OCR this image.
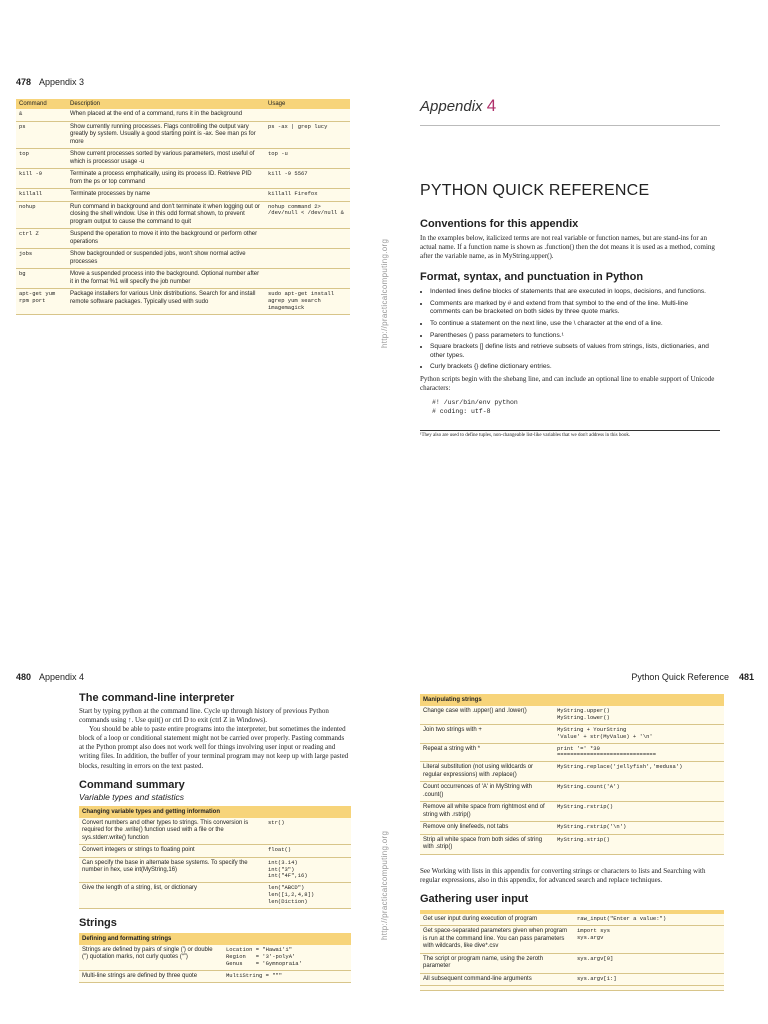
478 Appendix 3
Command	Description	Usage
&	When placed at the end of a command, runs it in the background	
ps	Show currently running processes. Flags controlling the output vary greatly by system. Usually a good starting point is -ax. See man ps for more	ps -ax | grep lucy
top	Show current processes sorted by various parameters, most useful of which is processor usage -u	top -u
kill -9	Terminate a process emphatically, using its process ID. Retrieve PID from the ps or top command	kill -9 5567
killall	Terminate processes by name	killall Firefox
nohup	Run command in background and don't terminate it when logging out or closing the shell window. Use in this odd format shown, to prevent program output to cause the command to quit	nohup command 2> /dev/null < /dev/null &
ctrl Z	Suspend the operation to move it into the background or perform other operations	
jobs	Show backgrounded or suspended jobs, won't show normal active processes	
bg	Move a suspended process into the background. Optional number after it in the format %1 will specify the job number	
apt-get yum rpm port	Package installers for various Unix distributions. Search for and install remote software packages. Typically used with sudo	sudo apt-get install agrep yum search imagemagick	http://practicalcomputing.org
Appendix 4
PYTHON QUICK REFERENCE
Conventions for this appendix
In the examples below, italicized terms are not real variable or function names, but are stand-ins for an actual name. If a function name is shown as .function() then the dot means it is used as a method, coming after the variable name, as in MyString.upper().
Format, syntax, and punctuation in Python
• Indented lines define blocks of statements that are executed in loops, decisions, and functions.
• Comments are marked by # and extend from that symbol to the end of the line. Multi-line comments can be bracketed on both sides by three quote marks.
• To continue a statement on the next line, use the \ character at the end of a line.
• Parentheses () pass parameters to functions.¹
• Square brackets [] define lists and retrieve subsets of values from strings, lists, dictionaries, and other types.
• Curly brackets {} define dictionary entries.
Python scripts begin with the shebang line, and can include an optional line to enable support of Unicode characters:
#! /usr/bin/env python
# coding: utf-8
¹They also are used to define tuples, non-changeable list-like variables that we don't address in this book.
480 Appendix 4
http://practicalcomputing.org
The command-line interpreter
Start by typing python at the command line. Cycle up through history of previous Python commands using ↑. Use quit() or ctrl D to exit (ctrl Z in Windows).
You should be able to paste entire programs into the interpreter, but sometimes the indented block of a loop or conditional statement might not be carried over properly. Pasting commands at the Python prompt also does not work well for things involving user input or reading and writing files. In addition, the buffer of your terminal program may not keep up with large pasted blocks, resulting in errors on the text pasted.
Command summary
Variable types and statistics
Changing variable types and getting information
Convert numbers and other types to strings. This conversion is required for the .write() function used with a file or the sys.stderr.write() function	str()
Convert integers or strings to floating point	float()
Can specify the base in alternate base systems. To specify the number in hex, use int(MyString,16)	int(3.14)
int("3")
int("4F",16)
Give the length of a string, list, or dictionary	len("ABCD")
len([1,2,4,8])
len(Diction)
Strings
Defining and formatting strings
Strings are defined by pairs of single (') or double (") quotation marks, not curly quotes (“”)	Location = "Hawai'i"
Region   = '3'-polyA'
Genus    = 'Gymnopraia'
Multi-line strings are defined by three quote	MultiString = """
Python Quick Reference 481
Manipulating strings
Change case with .upper() and .lower()	MyString.upper()
MyString.lower()
Join two strings with +	MyString + YourString
'Value' + str(MyValue) + '\n'
Repeat a string with *	print '=' *30
==============================
Literal substitution (not using wildcards or regular expressions) with .replace()	MyString.replace('jellyfish','medusa')
Count occurrences of 'A' in MyString with .count()	MyString.count('A')
Remove all white space from rightmost end of string with .rstrip()	MyString.rstrip()
Remove only linefeeds, not tabs	MyString.rstrip('\n')
Strip all white space from both sides of string with .strip()	MyString.strip()
See Working with lists in this appendix for converting strings or characters to lists and Searching with regular expressions, also in this appendix, for advanced search and replace techniques.
Gathering user input
Get user input during execution of program	raw_input("Enter a value:")
Get space-separated parameters given when program is run at the command line. You can pass parameters with wildcards, like dive*.csv	import sys
sys.argv
The script or program name, using the zeroth parameter	sys.argv[0]
All subsequent command-line arguments	sys.argv[1:]
